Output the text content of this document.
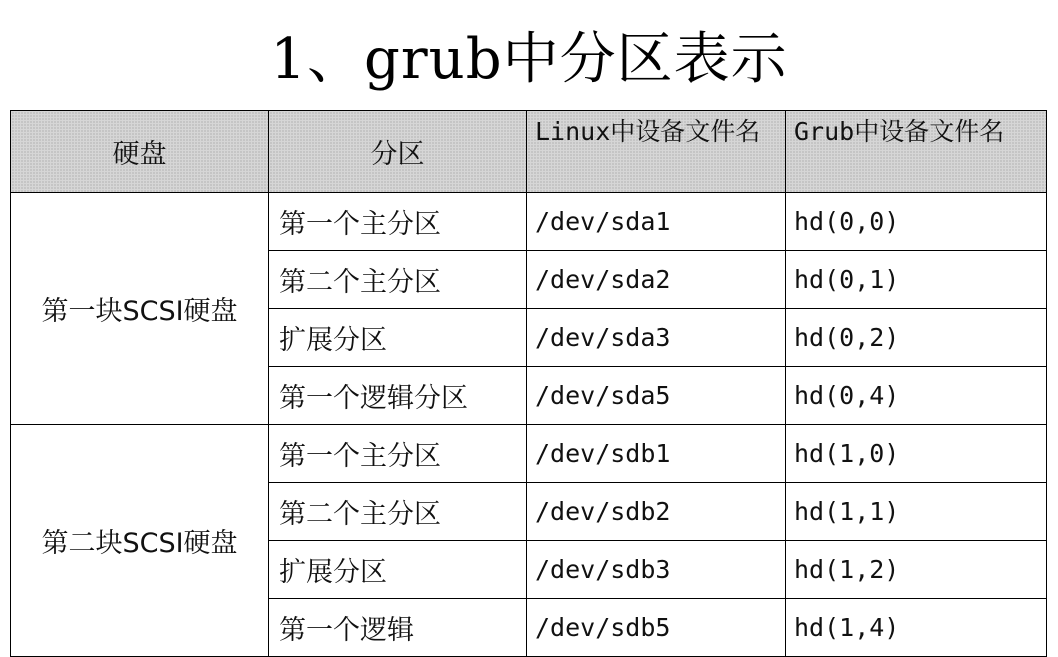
1、grub中分区表示
硬盘	分区	Linux中设备文件名	Grub中设备文件名
第一块SCSI硬盘	第一个主分区	/dev/sda1	hd(0,0)
	第二个主分区	/dev/sda2	hd(0,1)
	扩展分区	/dev/sda3	hd(0,2)
	第一个逻辑分区	/dev/sda5	hd(0,4)
第二块SCSI硬盘	第一个主分区	/dev/sdb1	hd(1,0)
	第二个主分区	/dev/sdb2	hd(1,1)
	扩展分区	/dev/sdb3	hd(1,2)
	第一个逻辑	/dev/sdb5	hd(1,4)
